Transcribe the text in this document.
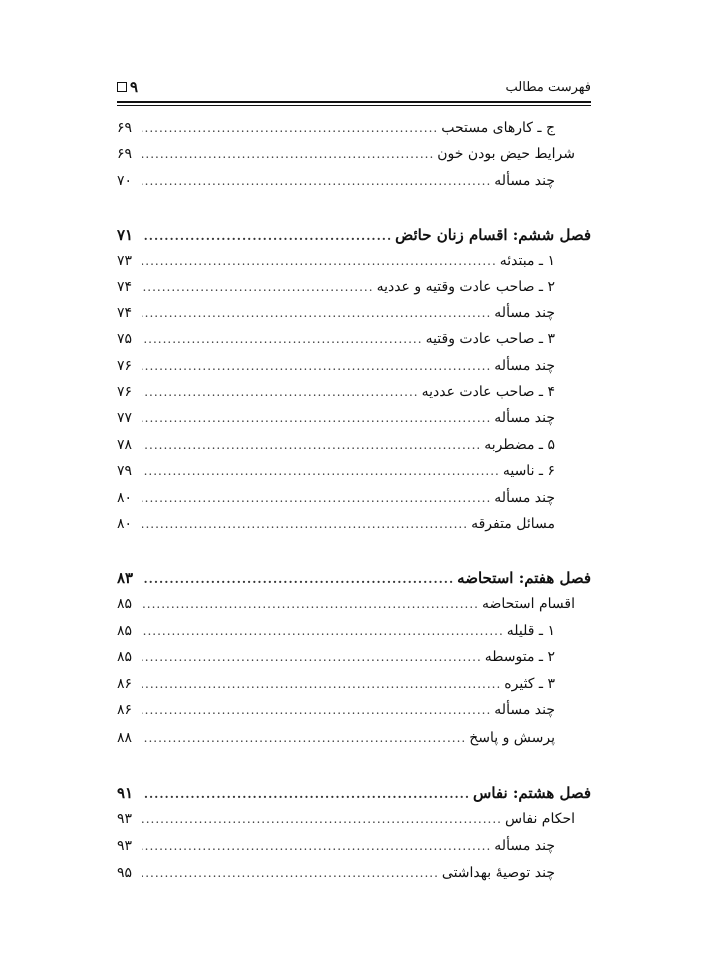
فهرست مطالب
۹
ج ـ کارهای مستحب
.....
۶۹
شرایط حیض بودن خون
.....
۶۹
چند مسأله
.....
۷۰
فصل ششم: اقسام زنان حائض
.....
۷۱
۱ ـ مبتدئه
.....
۷۳
۲ ـ صاحب عادت وقتیه و عددیه
.....
۷۴
چند مسأله
.....
۷۴
۳ ـ صاحب عادت وقتیه
.....
۷۵
چند مسأله
.....
۷۶
۴ ـ صاحب عادت عددیه
.....
۷۶
چند مسأله
.....
۷۷
۵ ـ مضطربه
.....
۷۸
۶ ـ ناسیه
.....
۷۹
چند مسأله
.....
۸۰
مسائل متفرقه
.....
۸۰
فصل هفتم: استحاضه
.....
۸۳
اقسام استحاضه
.....
۸۵
۱ ـ قلیله
.....
۸۵
۲ ـ متوسطه
.....
۸۵
۳ ـ کثیره
.....
۸۶
چند مسأله
.....
۸۶
پرسش و پاسخ
.....
۸۸
فصل هشتم: نفاس
.....
۹۱
احکام نفاس
.....
۹۳
چند مسأله
.....
۹۳
چند توصیهٔ بهداشتی
.....
۹۵
